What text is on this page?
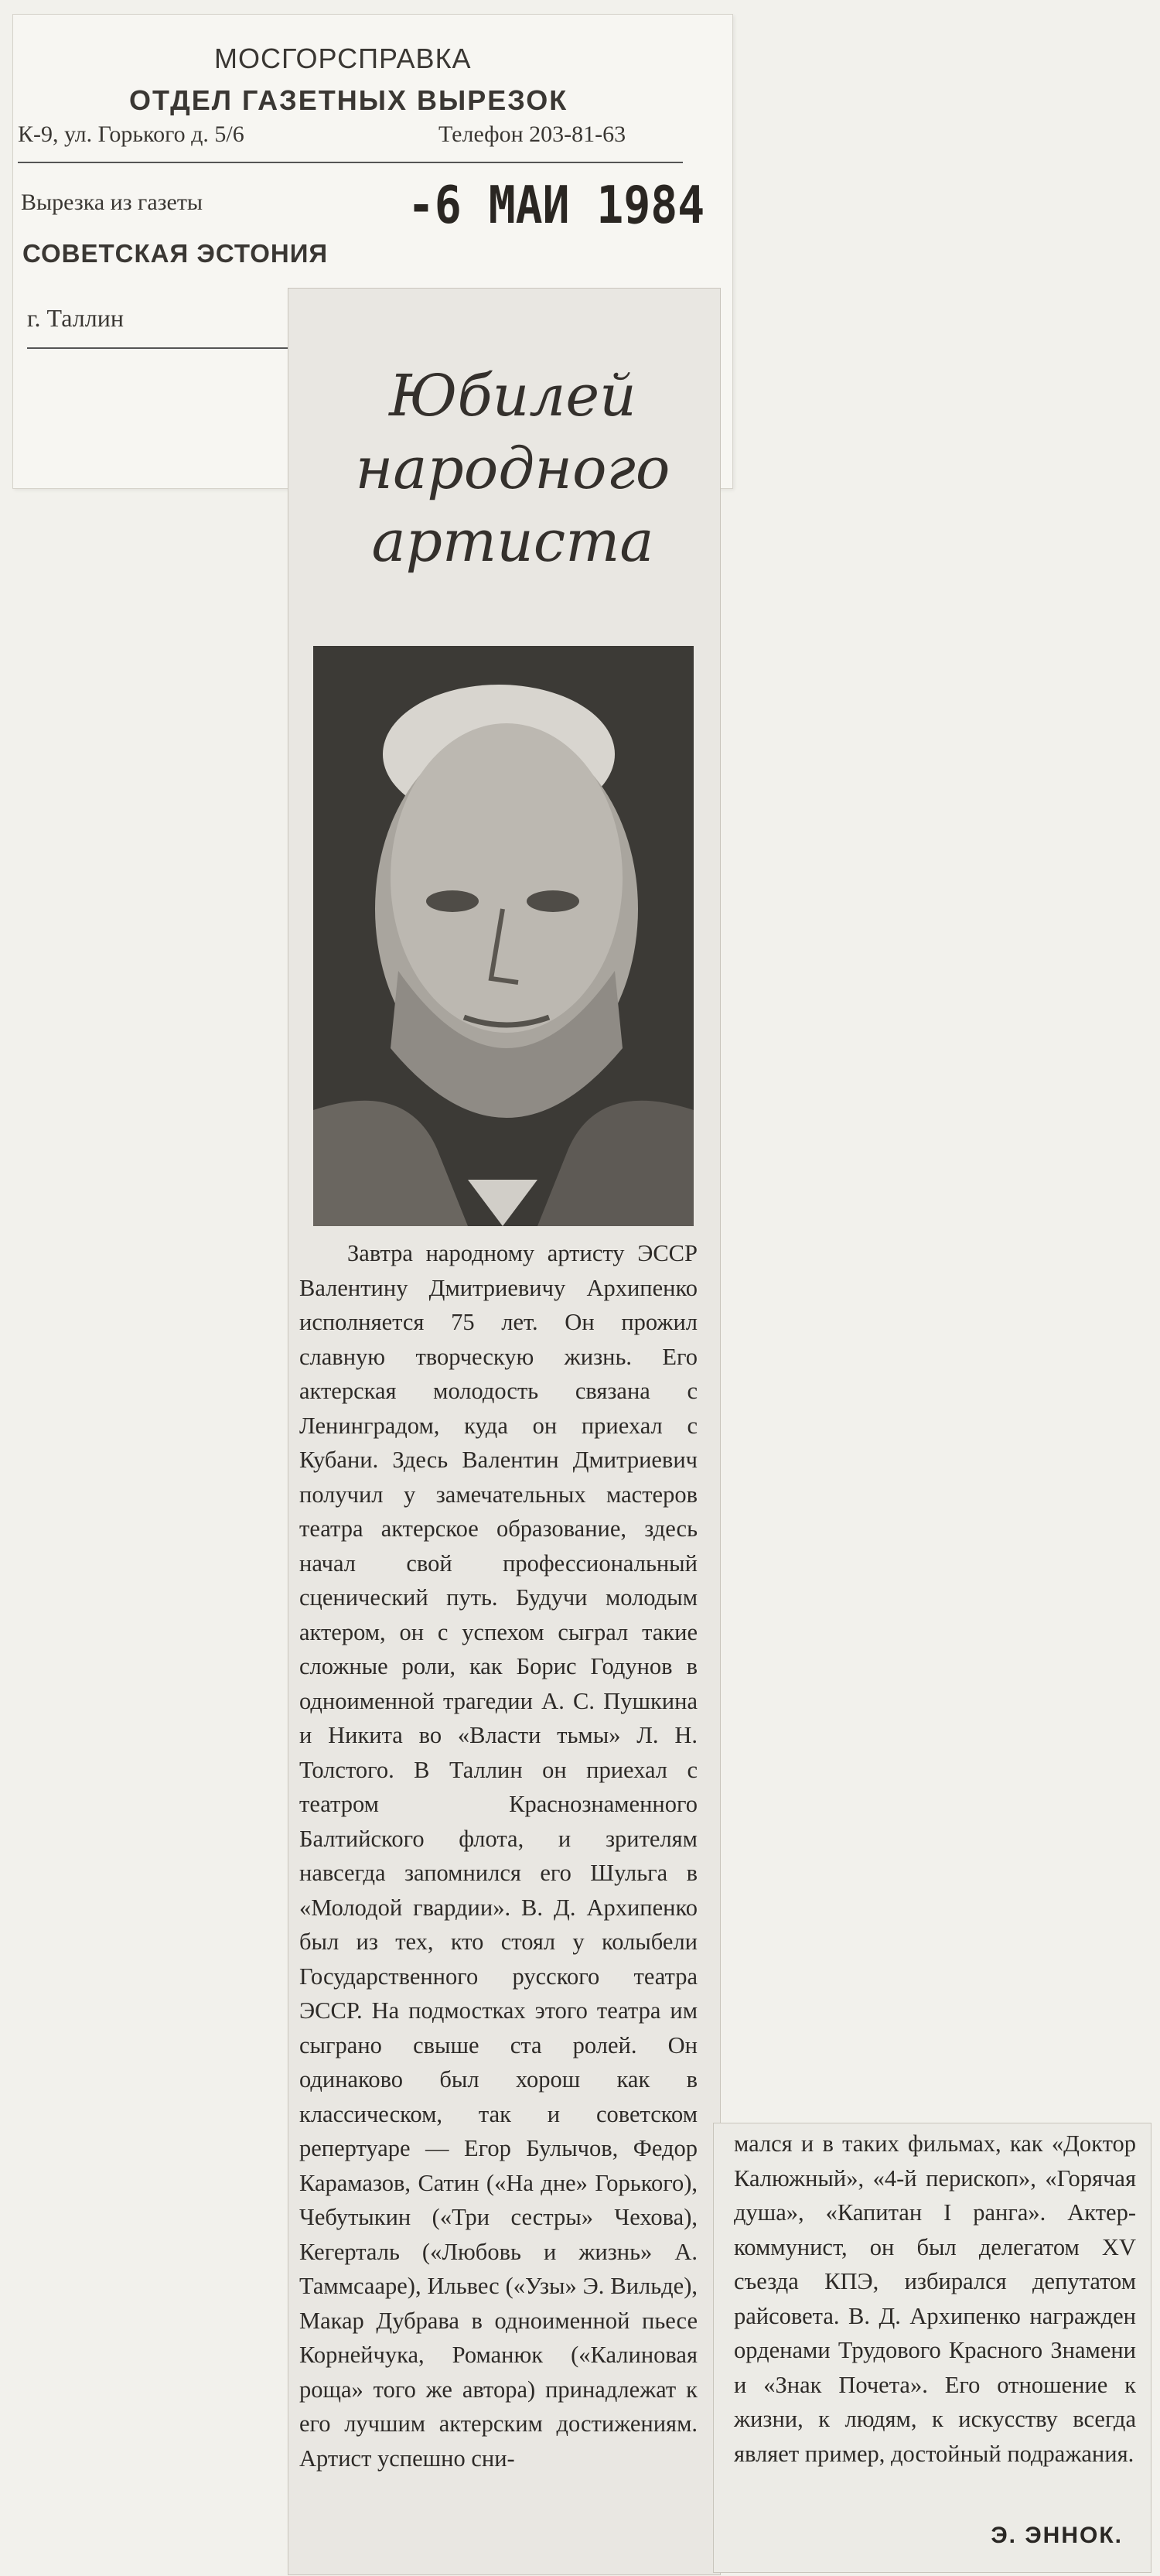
МОСГОРСПРАВКА
ОТДЕЛ ГАЗЕТНЫХ ВЫРЕЗОК
К-9, ул. Горького д. 5/6	Телефон 203-81-63
Вырезка из газеты	-6 МАИ 1984
СОВЕТСКАЯ ЭСТОНИЯ
г. Таллин
Юбилей народного артиста
Завтра народному артисту ЭССР Валентину Дмитриевичу Архипенко исполняется 75 лет. Он прожил славную творческую жизнь. Его актерская молодость связана с Ленинградом, куда он приехал с Кубани. Здесь Валентин Дмитриевич получил у замечательных мастеров театра актерское образование, здесь начал свой профессиональный сценический путь. Будучи молодым актером, он с успехом сыграл такие сложные роли, как Борис Годунов в одноименной трагедии А. С. Пушкина и Никита во «Власти тьмы» Л. Н. Толстого. В Таллин он приехал с театром Краснознаменного Балтийского флота, и зрителям навсегда запомнился его Шульга в «Молодой гвардии». В. Д. Архипенко был из тех, кто стоял у колыбели Государственного русского театра ЭССР. На подмостках этого театра им сыграно свыше ста ролей. Он одинаково был хорош как в классическом, так и советском репертуаре — Егор Булычов, Федор Карамазов, Сатин («На дне» Горького), Чебутыкин («Три сестры» Чехова), Кегерталь («Любовь и жизнь» А. Таммсааре), Ильвес («Узы» Э. Вильде), Макар Дубрава в одноименной пьесе Корнейчука, Романюк («Калиновая роща» того же автора) принадлежат к его лучшим актерским достижениям. Артист успешно сни-
мался и в таких фильмах, как «Доктор Калюжный», «4-й перископ», «Горячая душа», «Капитан I ранга». Актер-коммунист, он был делегатом XV съезда КПЭ, избирался депутатом райсовета. В. Д. Архипенко награжден орденами Трудового Красного Знамени и «Знак Почета». Его отношение к жизни, к людям, к искусству всегда являет пример, достойный подражания.
Э. ЭННОК.
